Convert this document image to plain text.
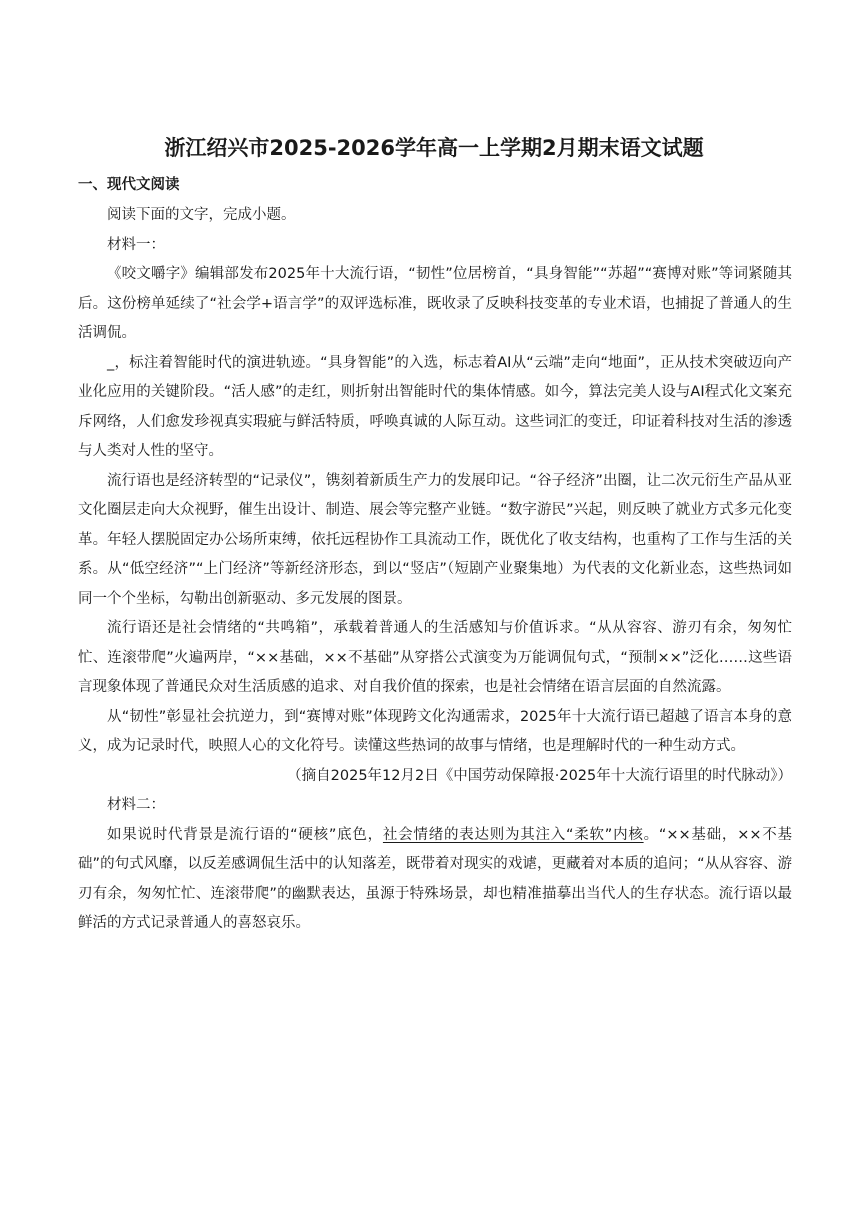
浙江绍兴市2025-2026学年高一上学期2月期末语文试题
一、现代文阅读

阅读下面的文字，完成小题。

材料一：

《咬文嚼字》编辑部发布2025年十大流行语，“韧性”位居榜首，“具身智能”“苏超”“赛博对账”等词紧随其后。这份榜单延续了“社会学+语言学”的双评选标准，既收录了反映科技变革的专业术语，也捕捉了普通人的生活调侃。

_，标注着智能时代的演进轨迹。“具身智能”的入选，标志着AI从“云端”走向“地面”，正从技术突破迈向产业化应用的关键阶段。“活人感”的走红，则折射出智能时代的集体情感。如今，算法完美人设与AI程式化文案充斥网络，人们愈发珍视真实瑕疵与鲜活特质，呼唤真诚的人际互动。这些词汇的变迁，印证着科技对生活的渗透与人类对人性的坚守。

流行语也是经济转型的“记录仪”，镌刻着新质生产力的发展印记。“谷子经济”出圈，让二次元衍生产品从亚文化圈层走向大众视野，催生出设计、制造、展会等完整产业链。“数字游民”兴起，则反映了就业方式多元化变革。年轻人摆脱固定办公场所束缚，依托远程协作工具流动工作，既优化了收支结构，也重构了工作与生活的关系。从“低空经济”“上门经济”等新经济形态，到以“竖店”（短剧产业聚集地）为代表的文化新业态，这些热词如同一个个坐标，勾勒出创新驱动、多元发展的图景。

流行语还是社会情绪的“共鸣箱”，承载着普通人的生活感知与价值诉求。“从从容容、游刃有余，匆匆忙忙、连滚带爬”火遍两岸，“××基础，××不基础”从穿搭公式演变为万能调侃句式，“预制××”泛化……这些语言现象体现了普通民众对生活质感的追求、对自我价值的探索，也是社会情绪在语言层面的自然流露。

从“韧性”彰显社会抗逆力，到“赛博对账”体现跨文化沟通需求，2025年十大流行语已超越了语言本身的意义，成为记录时代，映照人心的文化符号。读懂这些热词的故事与情绪，也是理解时代的一种生动方式。

（摘自2025年12月2日《中国劳动保障报·2025年十大流行语里的时代脉动》）

材料二：

如果说时代背景是流行语的“硬核”底色，社会情绪的表达则为其注入“柔软”内核。“××基础，××不基础”的句式风靡，以反差感调侃生活中的认知落差，既带着对现实的戏谑，更藏着对本质的追问；“从从容容、游刃有余，匆匆忙忙、连滚带爬”的幽默表达，虽源于特殊场景，却也精准描摹出当代人的生存状态。流行语以最鲜活的方式记录普通人的喜怒哀乐。
